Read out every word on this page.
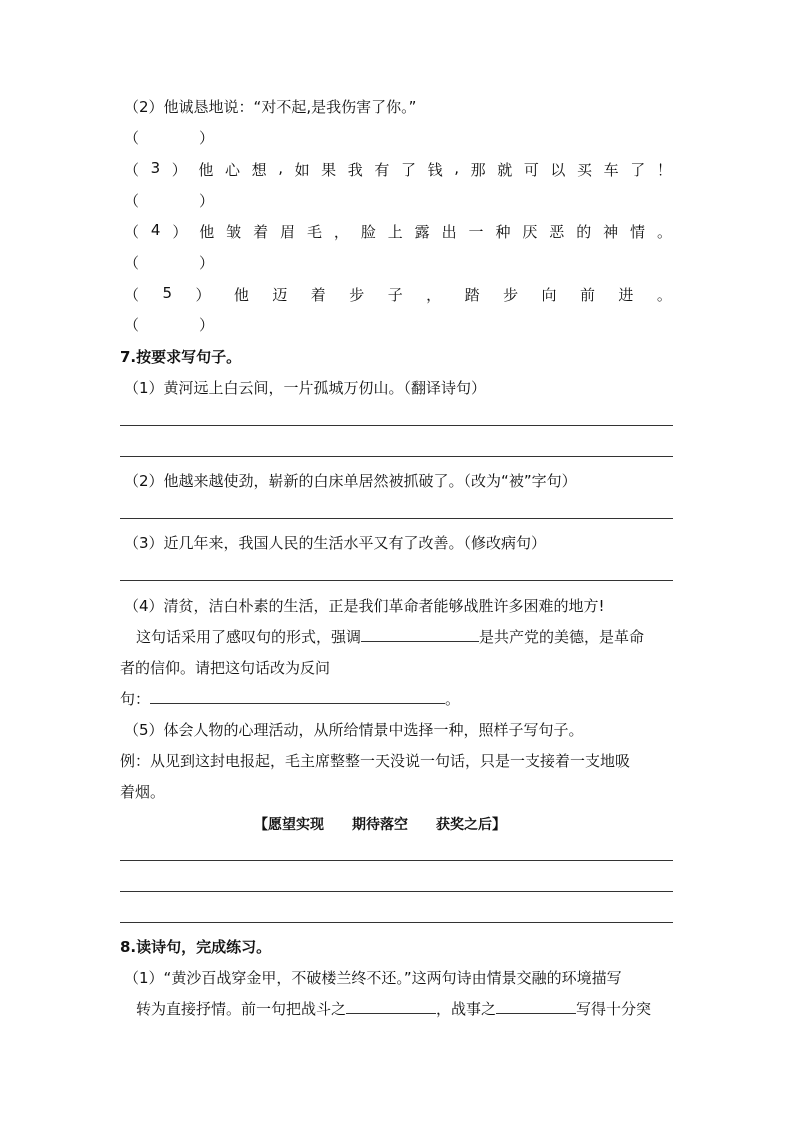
（2）他诚恳地说：“对不起,是我伤害了你。”
（　　　　）
（ 3 ） 他 心 想 , 如 果 我 有 了 钱 , 那 就 可 以 买 车 了 ！
（　　　　）
（ 4 ） 他 皱 着 眉 毛 ， 脸 上 露 出 一 种 厌 恶 的 神 情 。
（　　　　）
（ 5 ） 他 迈 着 步 子 ， 踏 步 向 前 进 。
（　　　　）
7.按要求写句子。
（1）黄河远上白云间，一片孤城万仞山。（翻译诗句）
（2）他越来越使劲，崭新的白床单居然被抓破了。（改为“被”字句）
（3）近几年来，我国人民的生活水平又有了改善。（修改病句）
（4）清贫，洁白朴素的生活，正是我们革命者能够战胜许多困难的地方!
这句话采用了感叹句的形式，强调	是共产党的美德，是革命
者的信仰。请把这句话改为反问
句：	。
（5）体会人物的心理活动，从所给情景中选择一种，照样子写句子。
例：从见到这封电报起，毛主席整整一天没说一句话，只是一支接着一支地吸
着烟。
【愿望实现　　期待落空　　获奖之后】
8.读诗句，完成练习。
（1）“黄沙百战穿金甲，不破楼兰终不还。”这两句诗由情景交融的环境描写
转为直接抒情。前一句把战斗之	，战事之	写得十分突
